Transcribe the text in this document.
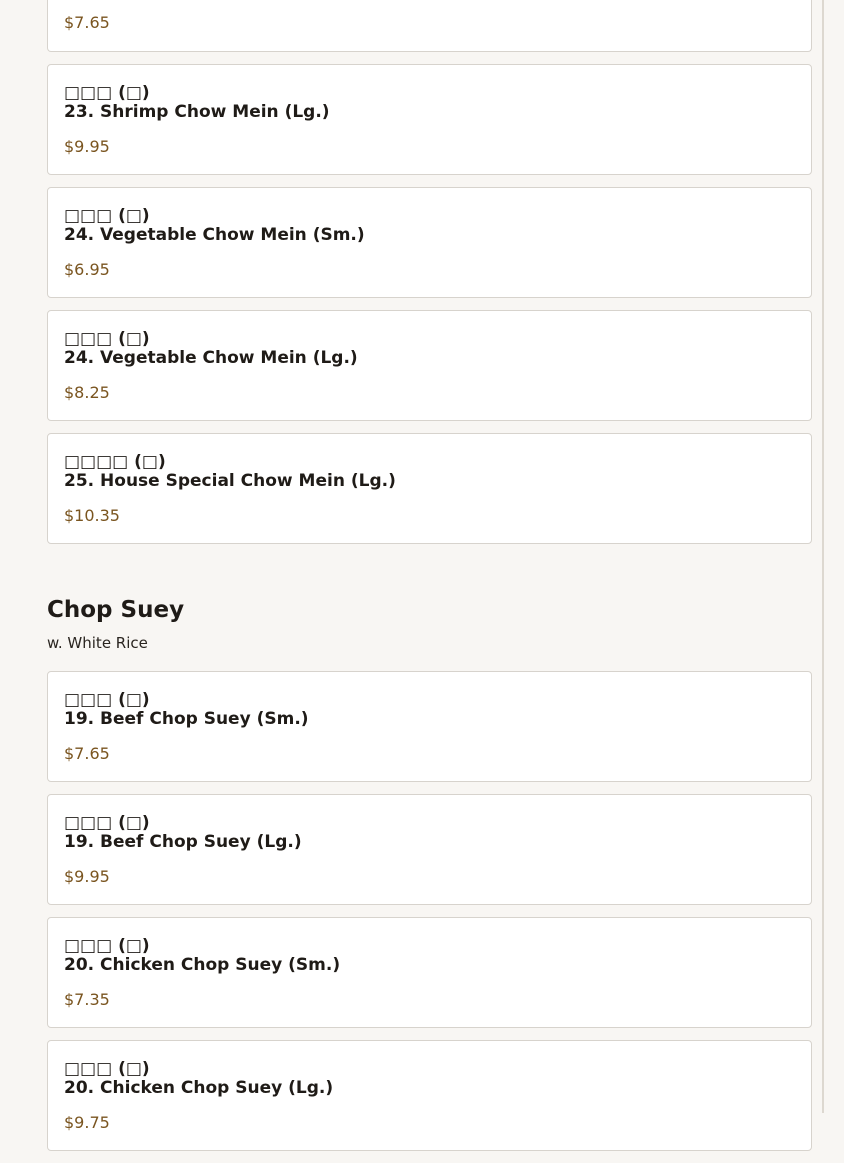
$7.65
□□□ (□)
23. Shrimp Chow Mein (Lg.)
$9.95
□□□ (□)
24. Vegetable Chow Mein (Sm.)
$6.95
□□□ (□)
24. Vegetable Chow Mein (Lg.)
$8.25
□□□□ (□)
25. House Special Chow Mein (Lg.)
$10.35
Chop Suey
w. White Rice
□□□ (□)
19. Beef Chop Suey (Sm.)
$7.65
□□□ (□)
19. Beef Chop Suey (Lg.)
$9.95
□□□ (□)
20. Chicken Chop Suey (Sm.)
$7.35
□□□ (□)
20. Chicken Chop Suey (Lg.)
$9.75
